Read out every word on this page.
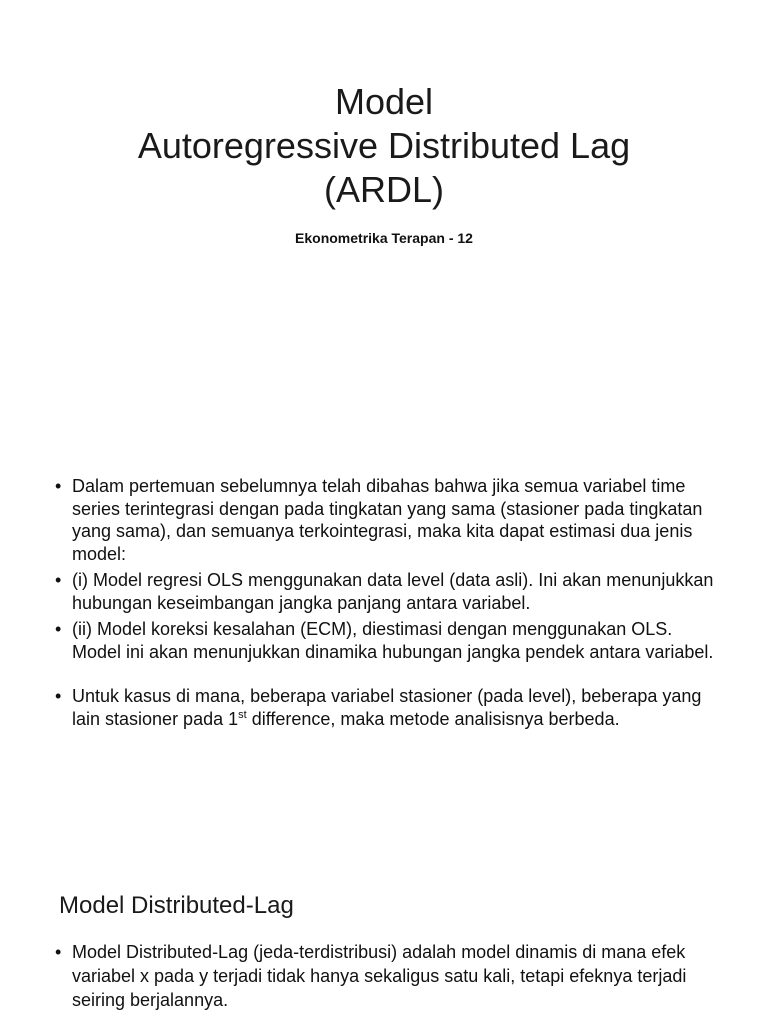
Model
Autoregressive Distributed Lag
(ARDL)
Ekonometrika Terapan - 12
• Dalam pertemuan sebelumnya telah dibahas bahwa jika semua variabel time series terintegrasi dengan pada tingkatan yang sama (stasioner pada tingkatan yang sama), dan semuanya terkointegrasi, maka kita dapat estimasi dua jenis model:
• (i) Model regresi OLS menggunakan data level (data asli). Ini akan menunjukkan hubungan keseimbangan jangka panjang antara variabel.
• (ii) Model koreksi kesalahan (ECM), diestimasi dengan menggunakan OLS. Model ini akan menunjukkan dinamika hubungan jangka pendek antara variabel.
• Untuk kasus di mana, beberapa variabel stasioner (pada level), beberapa yang lain stasioner pada 1st difference, maka metode analisisnya berbeda.
Model Distributed-Lag
• Model Distributed-Lag (jeda-terdistribusi) adalah model dinamis di mana efek variabel x pada y terjadi tidak hanya sekaligus satu kali, tetapi efeknya terjadi seiring berjalannya.
